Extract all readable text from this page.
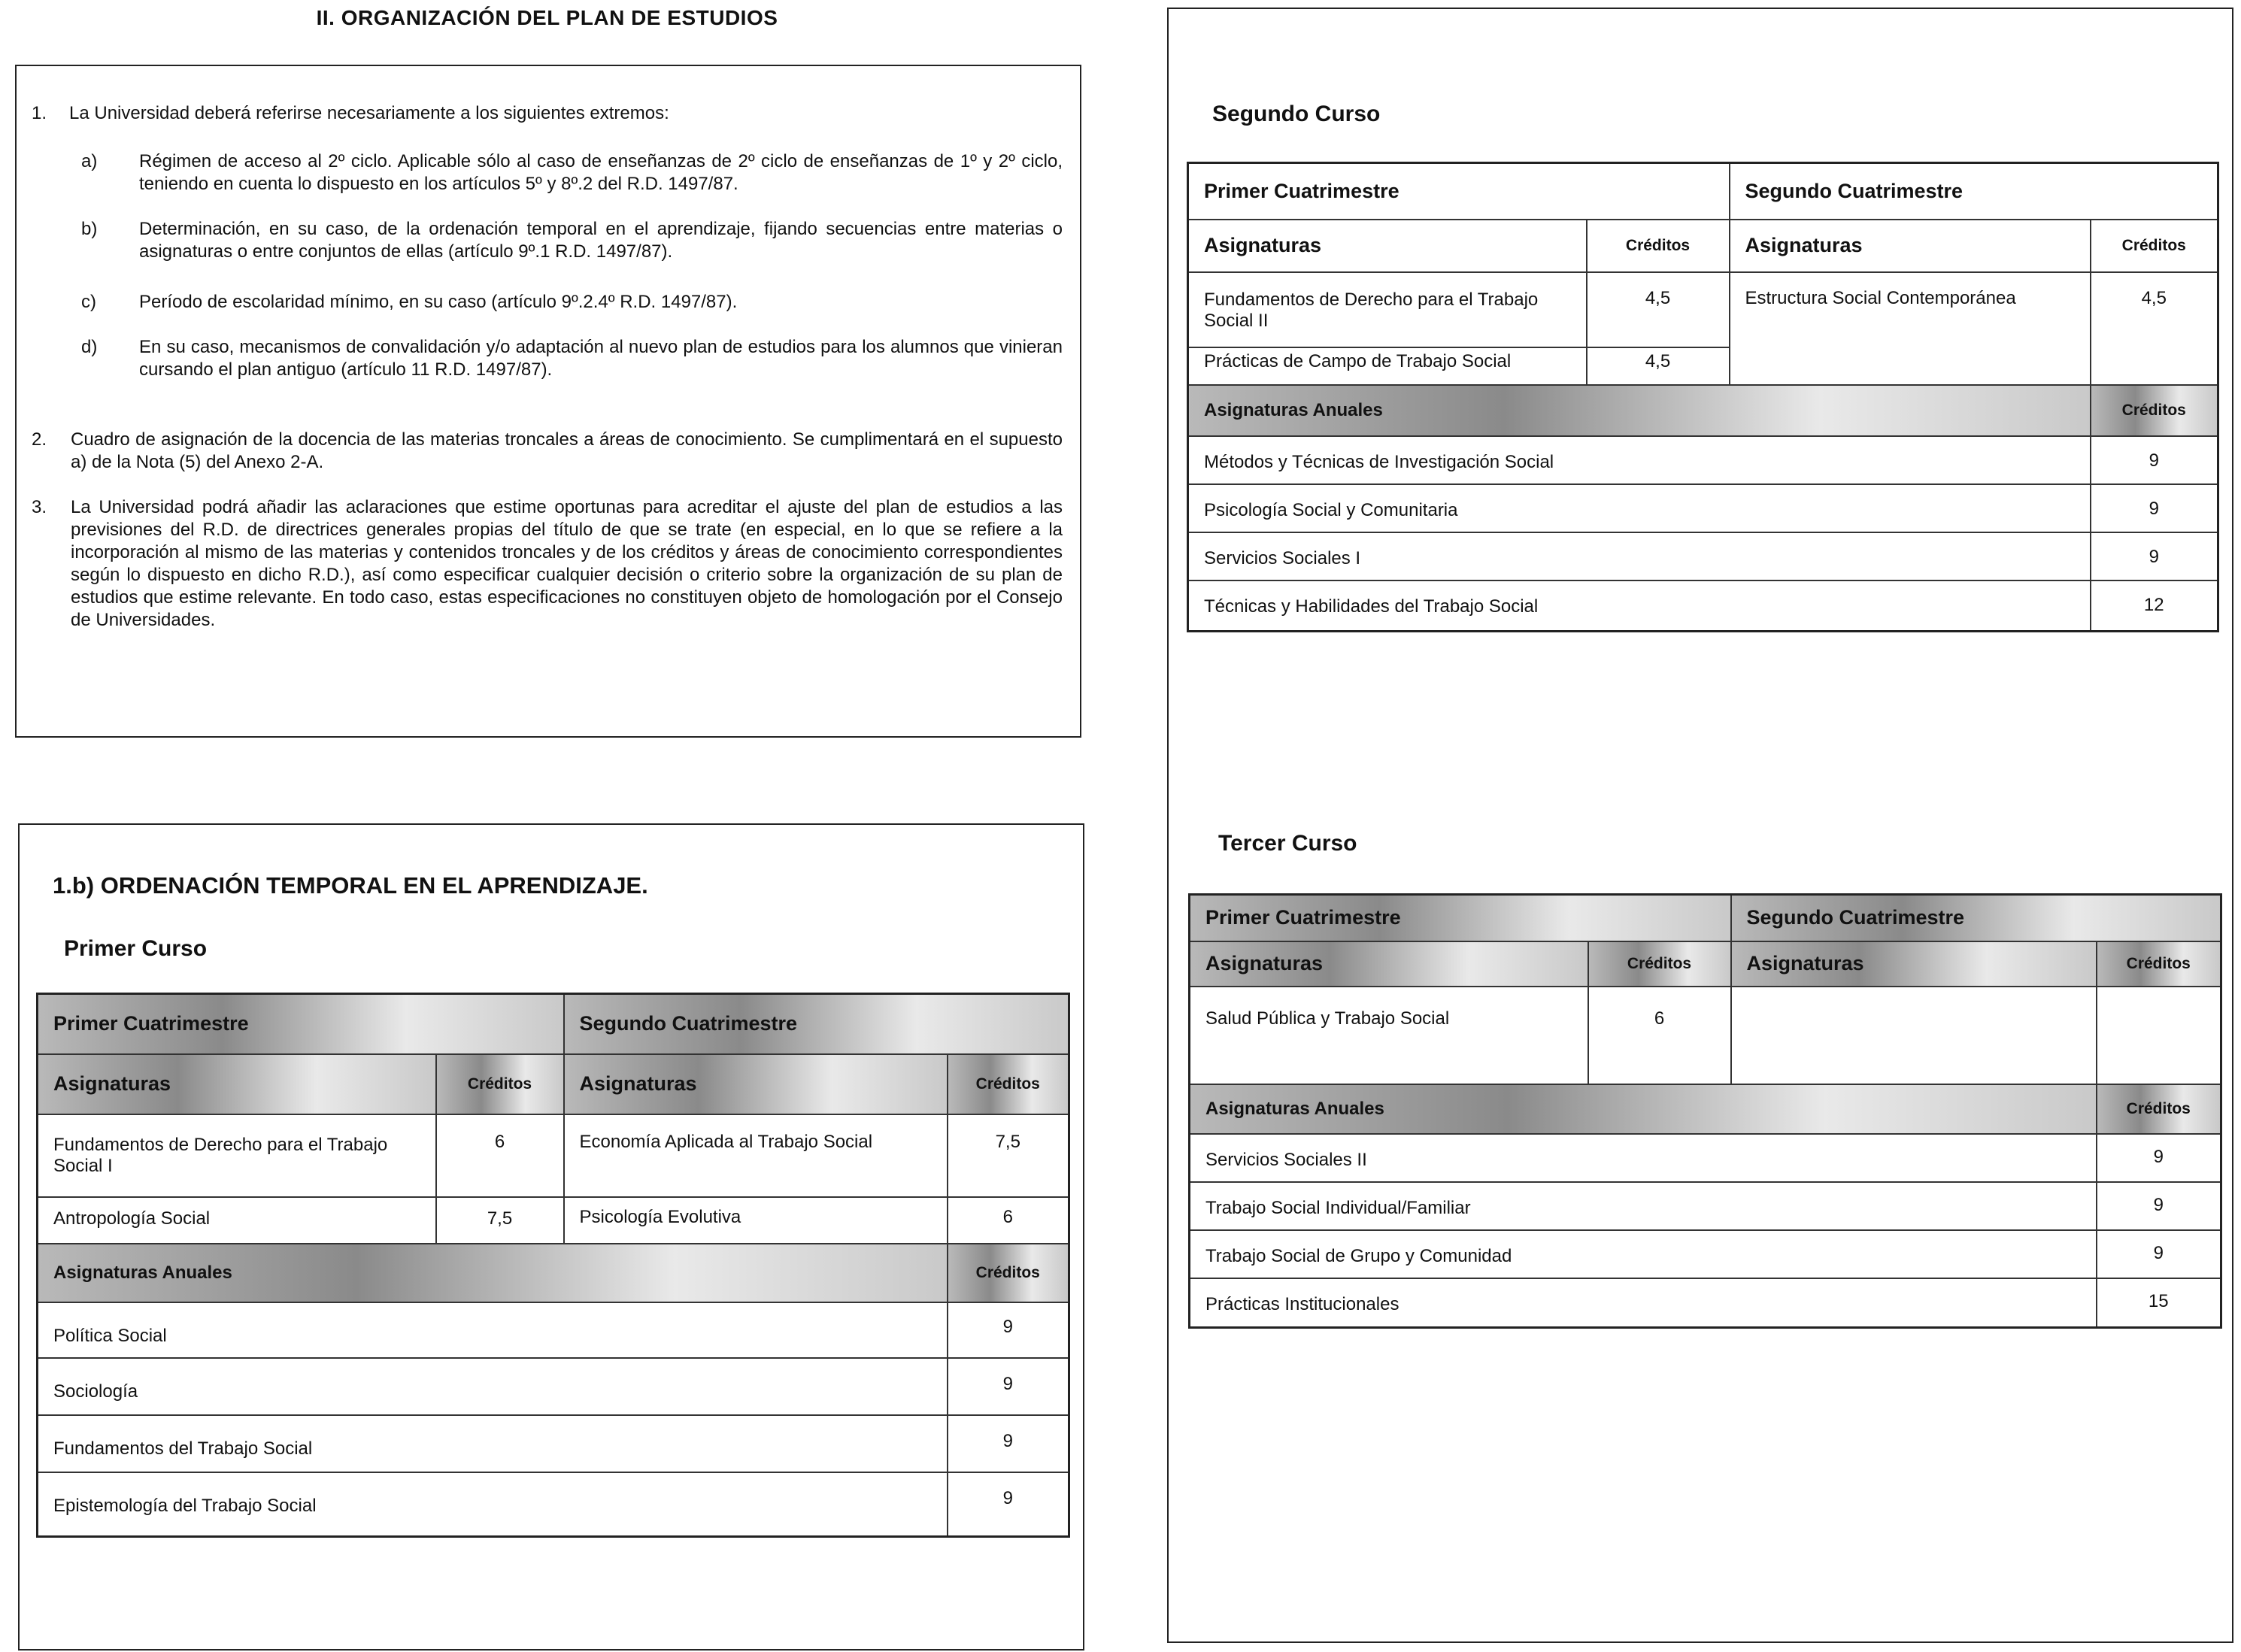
II. ORGANIZACIÓN DEL PLAN DE ESTUDIOS
1. La Universidad deberá referirse necesariamente a los siguientes extremos:
a) Régimen de acceso al 2º ciclo. Aplicable sólo al caso de enseñanzas de 2º ciclo de enseñanzas de 1º y 2º ciclo, teniendo en cuenta lo dispuesto en los artículos 5º y 8º.2 del R.D. 1497/87.
b) Determinación, en su caso, de la ordenación temporal en el aprendizaje, fijando secuencias entre materias o asignaturas o entre conjuntos de ellas (artículo 9º.1 R.D. 1497/87).
c) Período de escolaridad mínimo, en su caso (artículo 9º.2.4º R.D. 1497/87).
d) En su caso, mecanismos de convalidación y/o adaptación al nuevo plan de estudios para los alumnos que vinieran cursando el plan antiguo (artículo 11 R.D. 1497/87).
2. Cuadro de asignación de la docencia de las materias troncales a áreas de conocimiento. Se cumplimentará en el supuesto a) de la Nota (5) del Anexo 2-A.
3. La Universidad podrá añadir las aclaraciones que estime oportunas para acreditar el ajuste del plan de estudios a las previsiones del R.D. de directrices generales propias del título de que se trate (en especial, en lo que se refiere a la incorporación al mismo de las materias y contenidos troncales y de los créditos y áreas de conocimiento correspondientes según lo dispuesto en dicho R.D.), así como especificar cualquier decisión o criterio sobre la organización de su plan de estudios que estime relevante. En todo caso, estas especificaciones no constituyen objeto de homologación por el Consejo de Universidades.
1.b) ORDENACIÓN TEMPORAL EN EL APRENDIZAJE.
Primer Curso
Primer Cuatrimestre		Segundo Cuatrimestre	
Asignaturas	Créditos	Asignaturas	Créditos
Fundamentos de Derecho para el Trabajo Social I	6	Economía Aplicada al Trabajo Social	7,5
Antropología Social	7,5	Psicología Evolutiva	6
Asignaturas Anuales			Créditos
Política Social			9
Sociología			9
Fundamentos del Trabajo Social			9
Epistemología del Trabajo Social			9
Segundo Curso
Primer Cuatrimestre		Segundo Cuatrimestre	
Asignaturas	Créditos	Asignaturas	Créditos
Fundamentos de Derecho para el Trabajo Social II	4,5	Estructura Social Contemporánea	4,5
Prácticas de Campo de Trabajo Social	4,5		
Asignaturas Anuales			Créditos
Métodos y Técnicas de Investigación Social			9
Psicología Social y Comunitaria			9
Servicios Sociales I			9
Técnicas y Habilidades del Trabajo Social			12
Tercer Curso
Primer Cuatrimestre		Segundo Cuatrimestre	
Asignaturas	Créditos	Asignaturas	Créditos
Salud Pública y Trabajo Social	6		
Asignaturas Anuales			Créditos
Servicios Sociales II			9
Trabajo Social Individual/Familiar			9
Trabajo Social de Grupo y Comunidad			9
Prácticas Institucionales			15
